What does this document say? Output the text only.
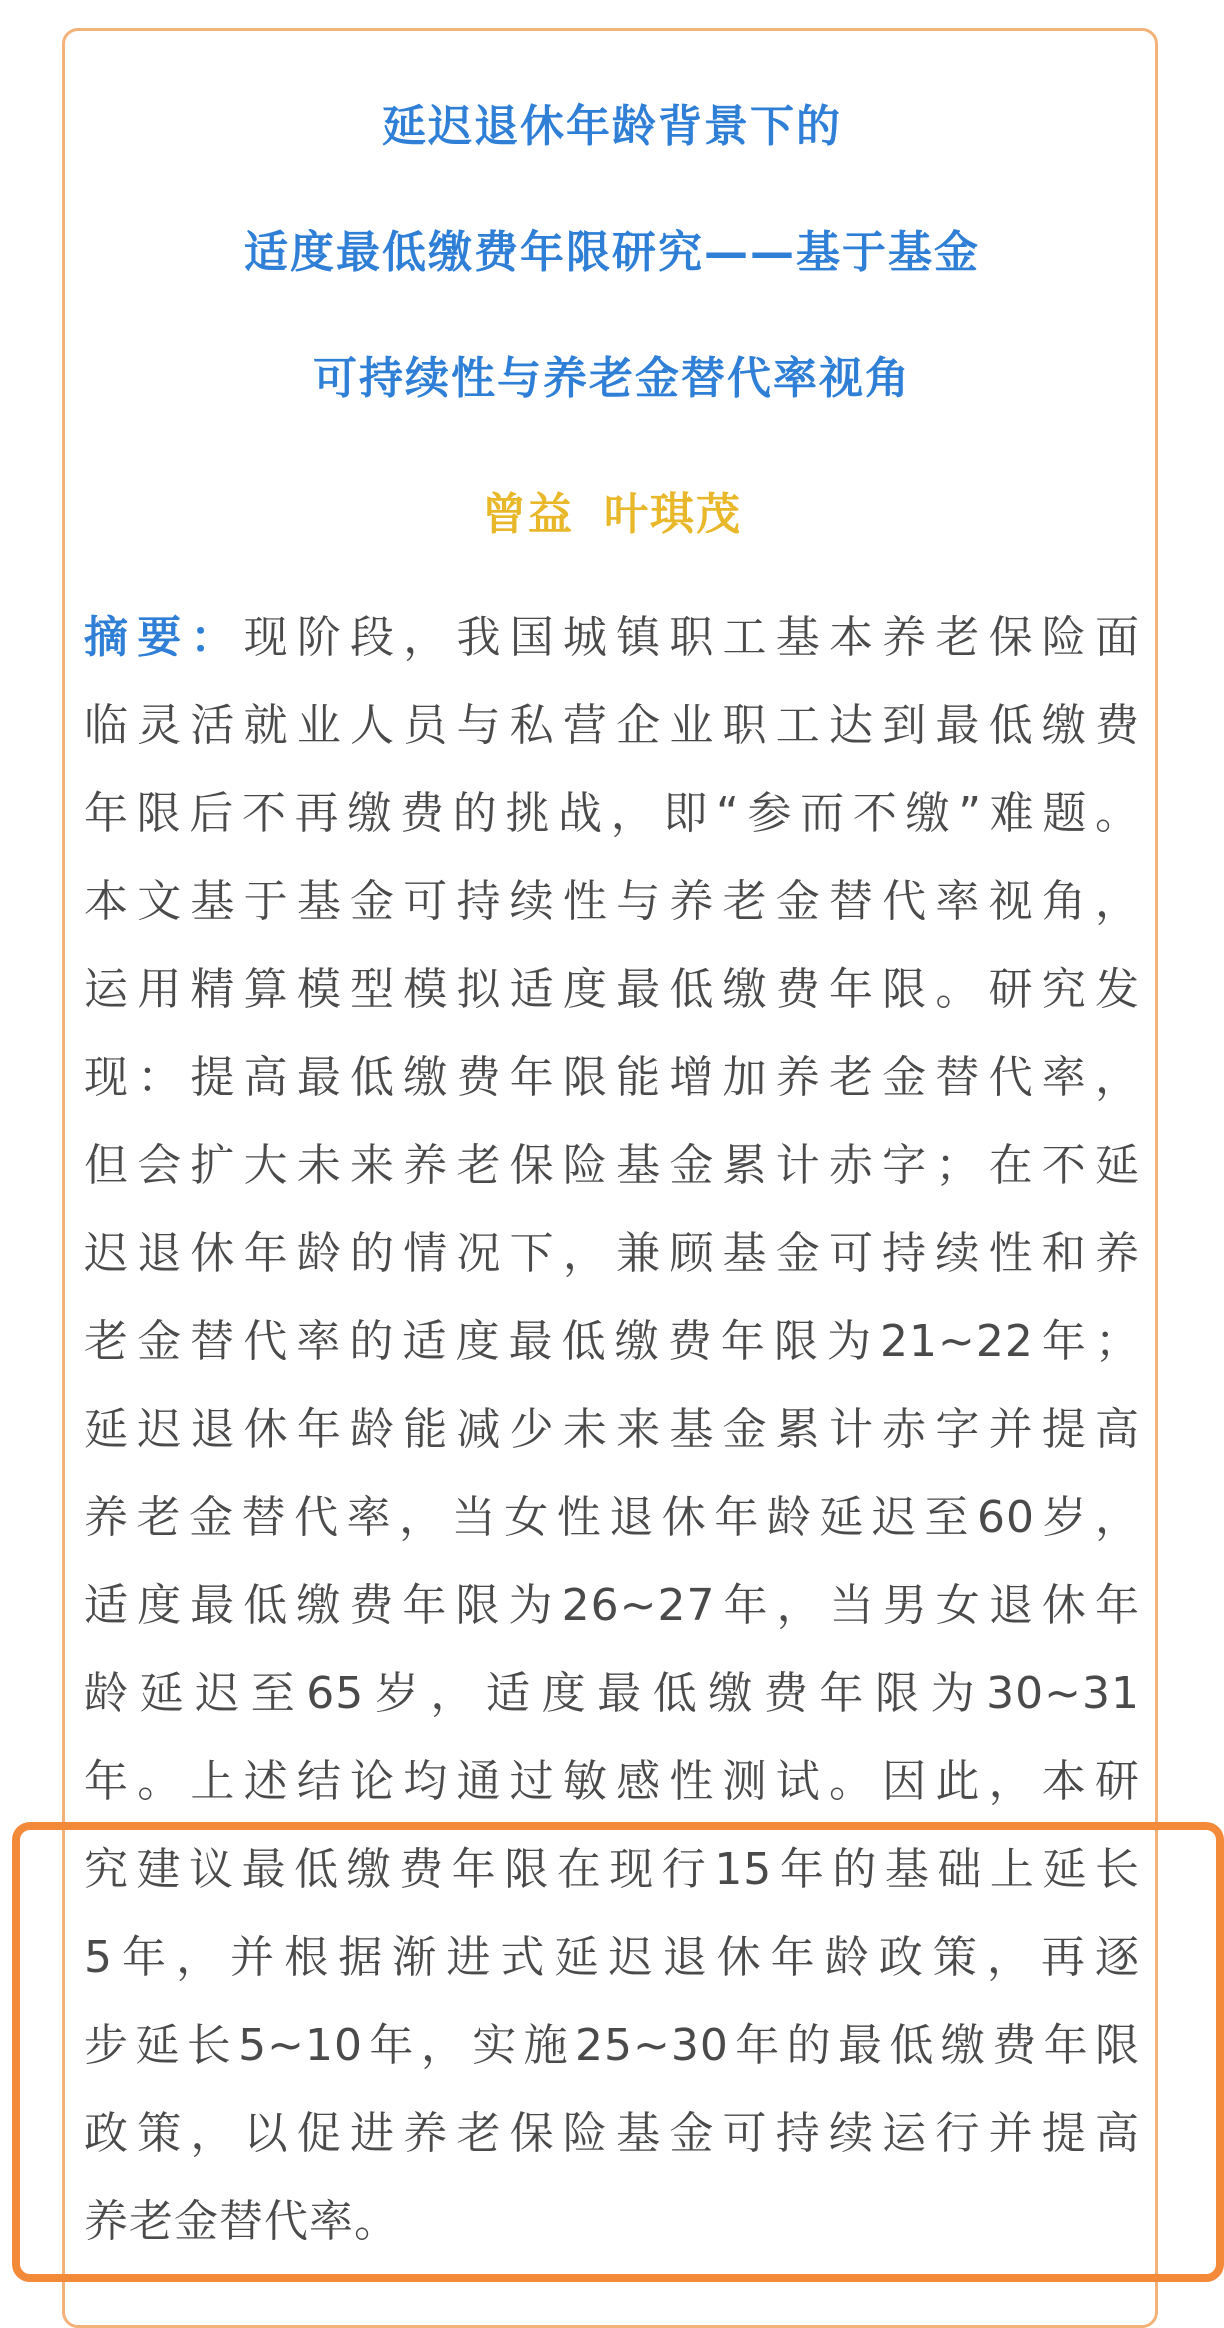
延迟退休年龄背景下的
适度最低缴费年限研究——基于基金
可持续性与养老金替代率视角
曾益 叶琪茂
摘要：现阶段，我国城镇职工基本养老保险面
临灵活就业人员与私营企业职工达到最低缴费
年限后不再缴费的挑战，即“参而不缴”难题。
本文基于基金可持续性与养老金替代率视角，
运用精算模型模拟适度最低缴费年限。研究发
现：提高最低缴费年限能增加养老金替代率，
但会扩大未来养老保险基金累计赤字；在不延
迟退休年龄的情况下，兼顾基金可持续性和养
老金替代率的适度最低缴费年限为21~22年；
延迟退休年龄能减少未来基金累计赤字并提高
养老金替代率，当女性退休年龄延迟至60岁，
适度最低缴费年限为26~27年，当男女退休年
龄延迟至65岁，适度最低缴费年限为30~31
年。上述结论均通过敏感性测试。因此，本研
究建议最低缴费年限在现行15年的基础上延长
5年，并根据渐进式延迟退休年龄政策，再逐
步延长5~10年，实施25~30年的最低缴费年限
政策，以促进养老保险基金可持续运行并提高
养老金替代率。
